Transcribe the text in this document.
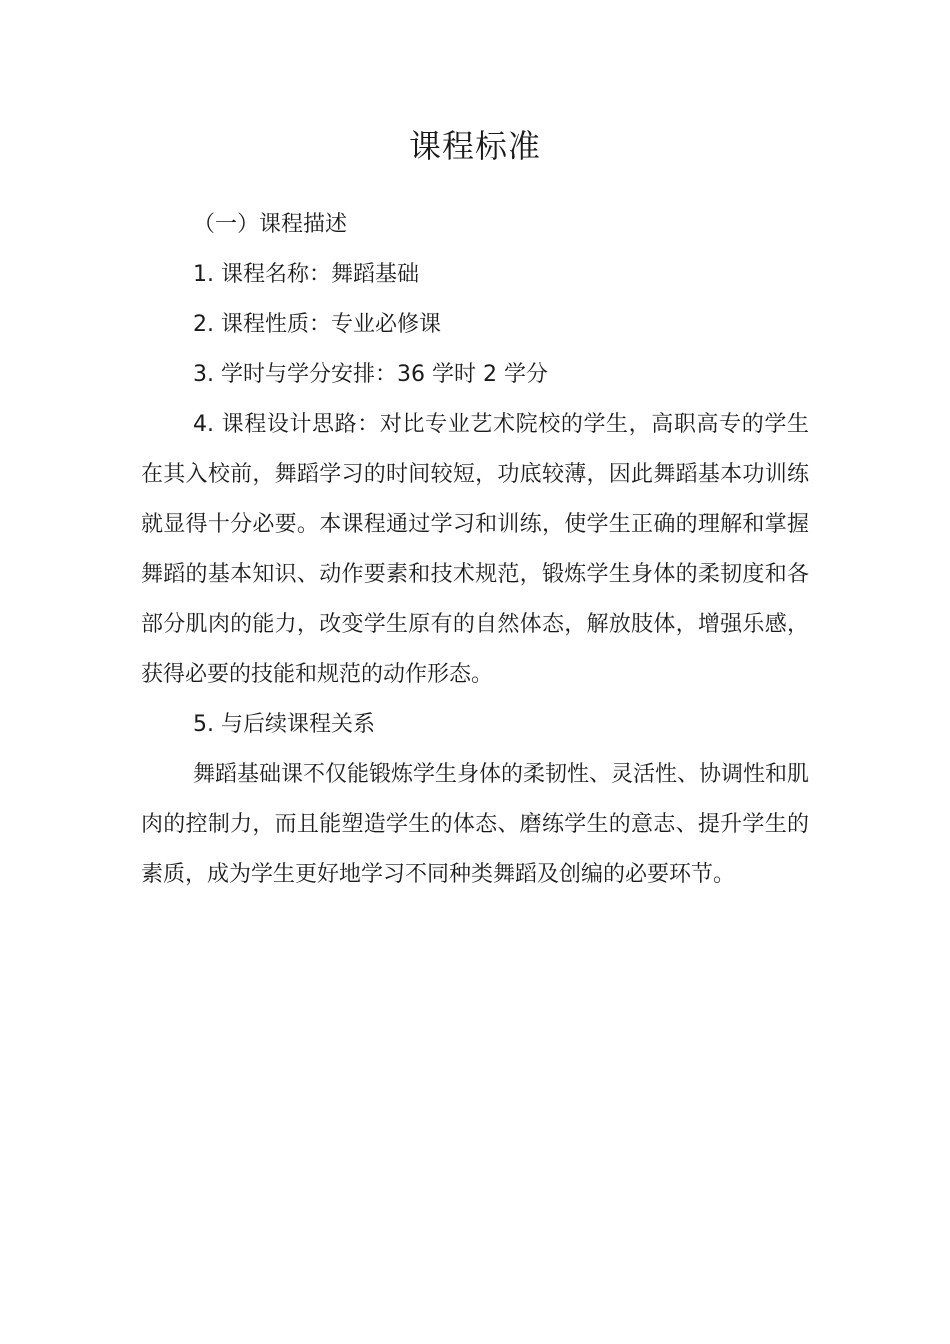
课程标准

（一）课程描述

1. 课程名称：舞蹈基础

2. 课程性质：专业必修课

3. 学时与学分安排：36 学时 2 学分

4. 课程设计思路：对比专业艺术院校的学生，高职高专的学生在其入校前，舞蹈学习的时间较短，功底较薄，因此舞蹈基本功训练就显得十分必要。本课程通过学习和训练，使学生正确的理解和掌握舞蹈的基本知识、动作要素和技术规范，锻炼学生身体的柔韧度和各部分肌肉的能力，改变学生原有的自然体态，解放肢体，增强乐感，获得必要的技能和规范的动作形态。

5. 与后续课程关系

舞蹈基础课不仅能锻炼学生身体的柔韧性、灵活性、协调性和肌肉的控制力，而且能塑造学生的体态、磨练学生的意志、提升学生的素质，成为学生更好地学习不同种类舞蹈及创编的必要环节。
